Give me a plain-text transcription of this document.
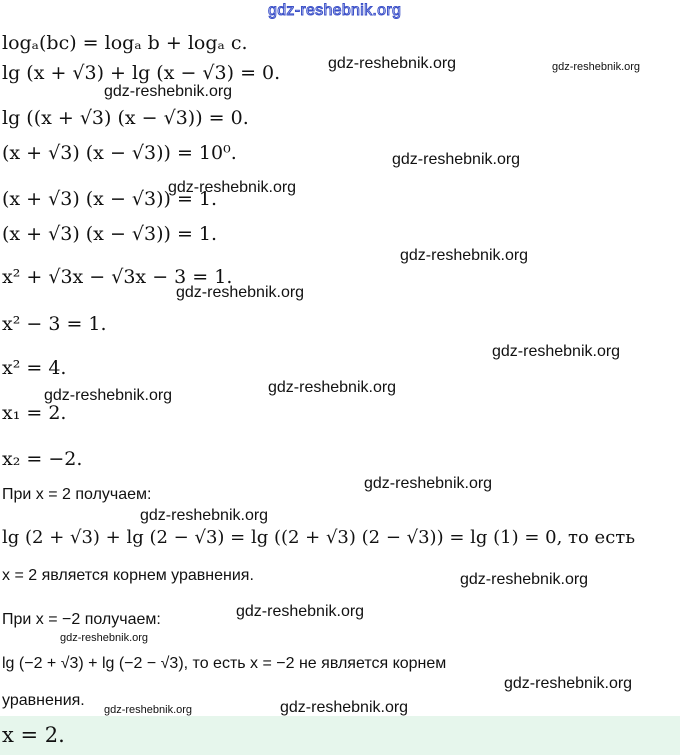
gdz-reshebnik.org
logₐ(bc) = logₐ b + logₐ c.
lg (x + √3) + lg (x − √3) = 0.
lg ((x + √3) (x − √3)) = 0.
(x + √3) (x − √3)) = 10⁰.
(x + √3) (x − √3)) = 1.
(x + √3) (x − √3)) = 1.
x² + √3x − √3x − 3 = 1.
x² − 3 = 1.
x² = 4.
x₁ = 2.
x₂ = −2.
При x = 2 получаем:
lg (2 + √3) + lg (2 − √3) = lg ((2 + √3) (2 − √3)) = lg (1) = 0, то есть
x = 2 является корнем уравнения.
При x = −2 получаем:
lg (−2 + √3) + lg (−2 − √3), то есть x = −2 не является корнем
уравнения.
x = 2.
gdz-reshebnik.org	gdz-reshebnik.org
gdz-reshebnik.org
gdz-reshebnik.org
gdz-reshebnik.org
gdz-reshebnik.org
gdz-reshebnik.org
gdz-reshebnik.org
gdz-reshebnik.org
gdz-reshebnik.org
gdz-reshebnik.org
gdz-reshebnik.org
gdz-reshebnik.org
gdz-reshebnik.org
gdz-reshebnik.org
gdz-reshebnik.org
gdz-reshebnik.org	gdz-reshebnik.org
